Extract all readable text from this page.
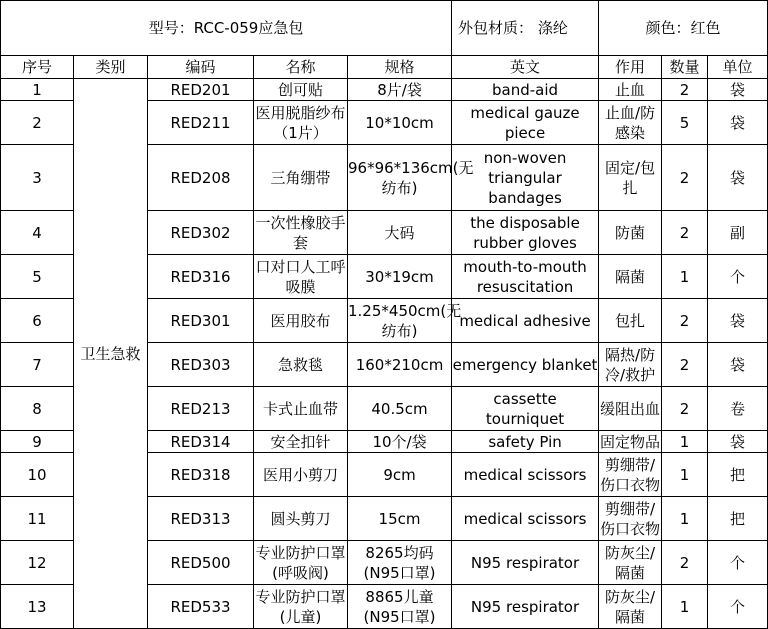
型号：RCC-059应急包					外包材质： 涤纶	颜色：红色		
序号	类别	编码	名称	规格	英文	作用	数量	单位
1	卫生急救	RED201	创可贴	8片/袋	band-aid	止血	2	袋
2		RED211	医用脱脂纱布（1片）	10*10cm	medical gauze piece	止血/防感染	5	袋
3		RED208	三角绷带	96*96*136cm(无纺布)	non-woven triangular bandages	固定/包扎	2	袋
4		RED302	一次性橡胶手套	大码	the disposable rubber gloves	防菌	2	副
5		RED316	口对口人工呼吸膜	30*19cm	mouth-to-mouth resuscitation	隔菌	1	个
6		RED301	医用胶布	1.25*450cm(无纺布)	medical adhesive	包扎	2	袋
7		RED303	急救毯	160*210cm	emergency blanket	隔热/防冷/救护	2	袋
8		RED213	卡式止血带	40.5cm	cassette tourniquet	缓阻出血	2	卷
9		RED314	安全扣针	10个/袋	safety Pin	固定物品	1	袋
10		RED318	医用小剪刀	9cm	medical scissors	剪绷带/伤口衣物	1	把
11		RED313	圆头剪刀	15cm	medical scissors	剪绷带/伤口衣物	1	把
12		RED500	专业防护口罩(呼吸阀)	8265均码(N95口罩)	N95 respirator	防灰尘/隔菌	2	个
13		RED533	专业防护口罩(儿童)	8865儿童(N95口罩)	N95 respirator	防灰尘/隔菌	1	个
